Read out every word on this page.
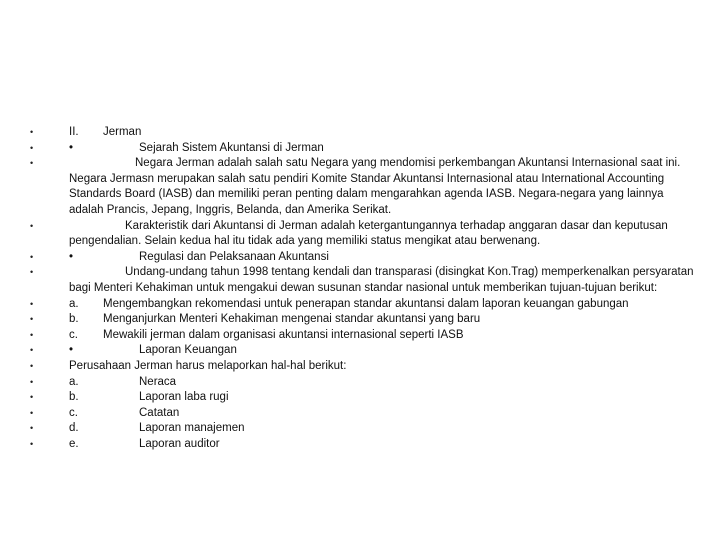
• II. Jerman
• •	Sejarah Sistem Akuntansi di Jerman
• Negara Jerman adalah salah satu Negara yang mendomisi perkembangan Akuntansi Internasional saat ini. Negara Jermasn merupakan salah satu pendiri Komite Standar Akuntansi Internasional atau International Accounting Standards Board (IASB) dan memiliki peran penting dalam mengarahkan agenda IASB. Negara-negara yang lainnya adalah Prancis, Jepang, Inggris, Belanda, dan Amerika Serikat.
• Karakteristik dari Akuntansi di Jerman adalah ketergantungannya terhadap anggaran dasar dan keputusan pengendalian. Selain kedua hal itu tidak ada yang memiliki status mengikat atau berwenang.
• •	Regulasi dan Pelaksanaan Akuntansi
• Undang-undang tahun 1998 tentang kendali dan transparasi (disingkat Kon.Trag) memperkenalkan persyaratan bagi Menteri Kehakiman untuk mengakui dewan susunan standar nasional untuk memberikan tujuan-tujuan berikut:
• a. Mengembangkan rekomendasi untuk penerapan standar akuntansi dalam laporan keuangan gabungan
• b. Menganjurkan Menteri Kehakiman mengenai standar akuntansi yang baru
• c. Mewakili jerman dalam organisasi akuntansi internasional seperti IASB
• •	Laporan Keuangan
• Perusahaan Jerman harus melaporkan hal-hal berikut:
• a.	Neraca
• b.	Laporan laba rugi
• c.	Catatan
• d.	Laporan manajemen
• e.	Laporan auditor
